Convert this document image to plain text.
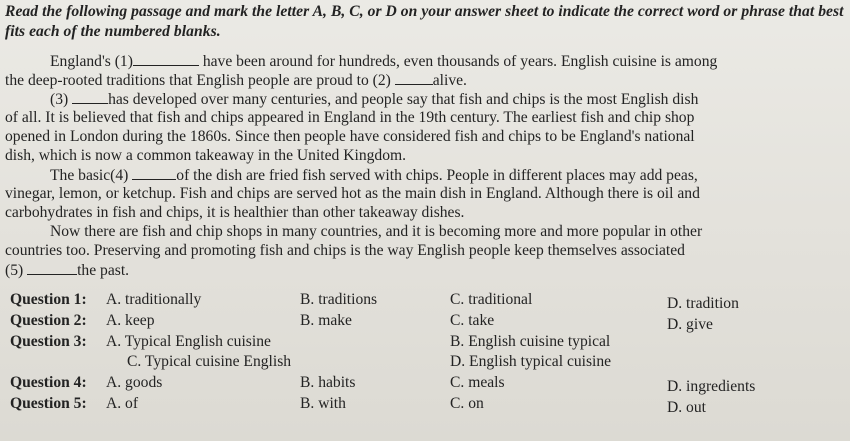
Read the following passage and mark the letter A, B, C, or D on your answer sheet to indicate the correct word or phrase that best fits each of the numbered blanks.
England's (1)	have been around for hundreds, even thousands of years. English cuisine is among
the deep-rooted traditions that English people are proud to (2)	alive.
(3)	has developed over many centuries, and people say that fish and chips is the most English dish
of all. It is believed that fish and chips appeared in England in the 19th century. The earliest fish and chip shop
opened in London during the 1860s. Since then people have considered fish and chips to be England's national
dish, which is now a common takeaway in the United Kingdom.
The basic(4)	of the dish are fried fish served with chips. People in different places may add peas,
vinegar, lemon, or ketchup. Fish and chips are served hot as the main dish in England. Although there is oil and
carbohydrates in fish and chips, it is healthier than other takeaway dishes.
Now there are fish and chip shops in many countries, and it is becoming more and more popular in other
countries too. Preserving and promoting fish and chips is the way English people keep themselves associated
(5)	the past.
Question 1: A. traditionally	B. traditions	C. traditional	D. tradition
Question 2: A. keep	B. make	C. take	D. give
Question 3: A. Typical English cuisine	B. English cuisine typical
C. Typical cuisine English	D. English typical cuisine
Question 4: A. goods	B. habits	C. meals	D. ingredients
Question 5: A. of	B. with	C. on	D. out
